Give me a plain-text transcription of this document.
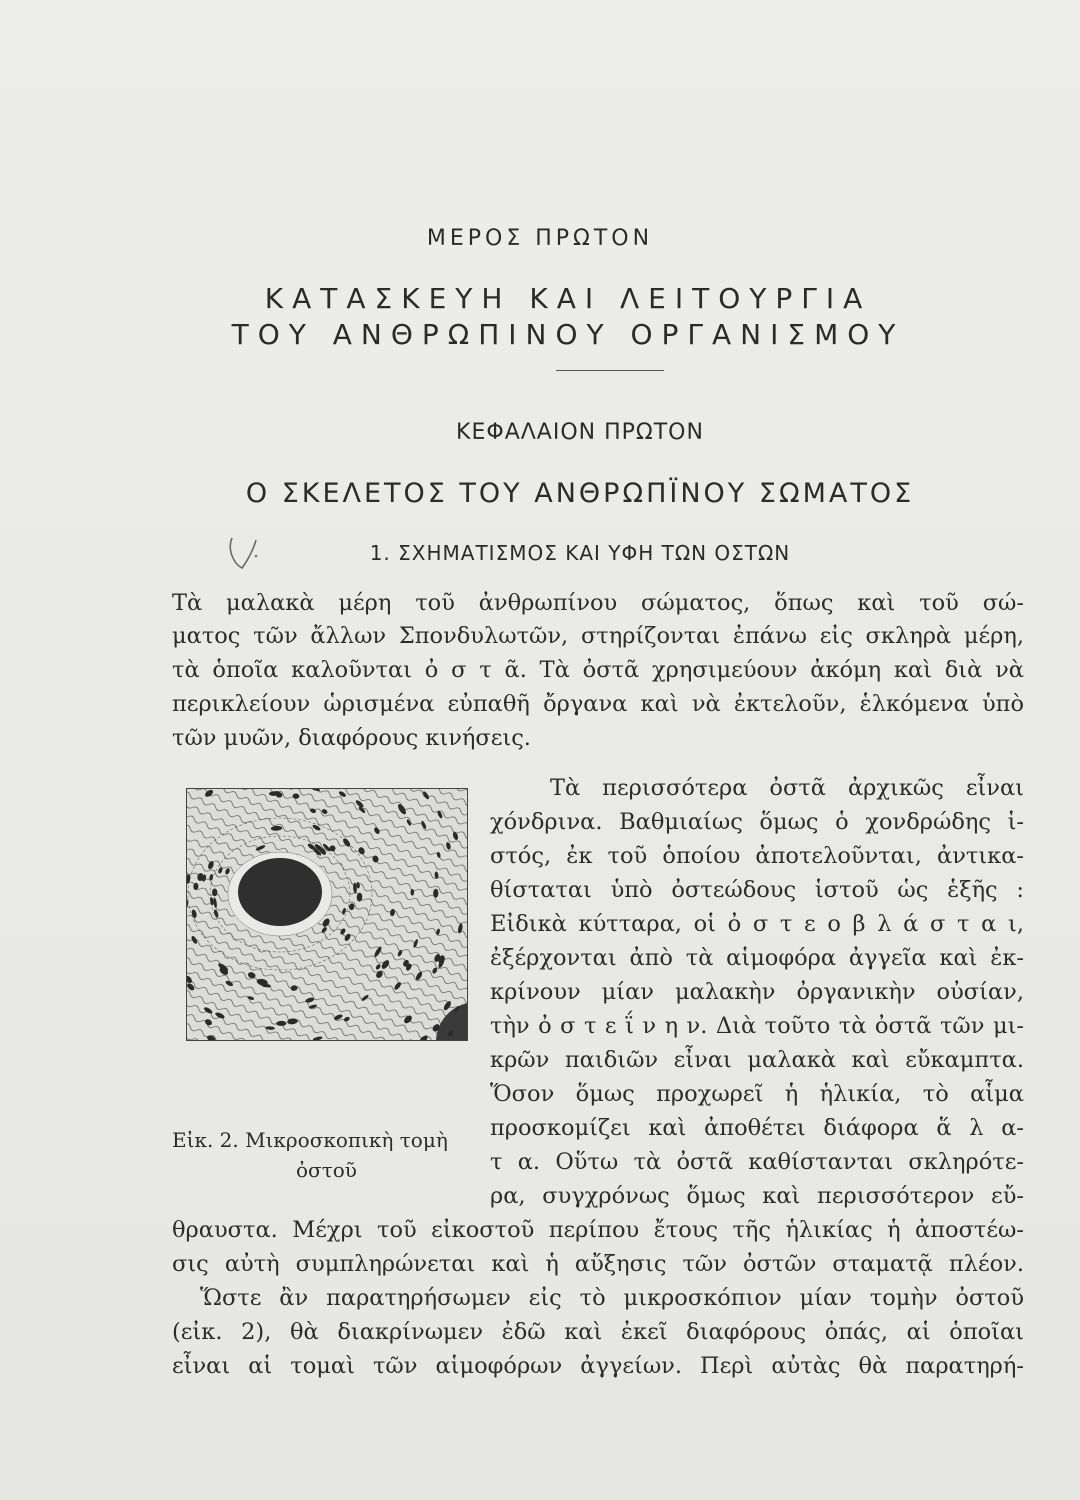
ΜΕΡΟΣ ΠΡΩΤΟΝ
ΚΑΤΑΣΚΕΥΗ ΚΑΙ ΛΕΙΤΟΥΡΓΙΑ
ΤΟΥ ΑΝΘΡΩΠΙΝΟΥ ΟΡΓΑΝΙΣΜΟΥ
ΚΕΦΑΛΑΙΟΝ ΠΡΩΤΟΝ
Ο ΣΚΕΛΕΤΟΣ ΤΟΥ ΑΝΘΡΩΠΪΝΟΥ ΣΩΜΑΤΟΣ
1. ΣΧΗΜΑΤΙΣΜΟΣ ΚΑΙ ΥΦΗ ΤΩΝ ΟΣΤΩΝ
Τὰ μαλακὰ μέρη τοῦ ἀνθρωπίνου σώματος, ὅπως καὶ τοῦ σώ-
ματος τῶν ἄλλων Σπονδυλωτῶν, στηρίζονται ἐπάνω εἰς σκληρὰ μέρη,
τὰ ὁποῖα καλοῦνται ὀ σ τ ᾶ. Τὰ ὀστᾶ χρησιμεύουν ἀκόμη καὶ διὰ νὰ
περικλείουν ὡρισμένα εὐπαθῆ ὄργανα καὶ νὰ ἐκτελοῦν, ἑλκόμενα ὑπὸ
τῶν μυῶν, διαφόρους κινήσεις.
Τὰ περισσότερα ὀστᾶ ἀρχικῶς εἶναι
χόνδρινα. Βαθμιαίως ὅμως ὁ χονδρώδης ἱ-
στός, ἐκ τοῦ ὁποίου ἀποτελοῦνται, ἀντικα-
θίσταται ὑπὸ ὀστεώδους ἱστοῦ ὡς ἑξῆς :
Εἰδικὰ κύτταρα, οἱ ὀ σ τ ε ο β λ ά σ τ α ι,
ἐξέρχονται ἀπὸ τὰ αἱμοφόρα ἀγγεῖα καὶ ἐκ-
κρίνουν μίαν μαλακὴν ὀργανικὴν οὐσίαν,
τὴν ὀ σ τ ε ΐ ν η ν. Διὰ τοῦτο τὰ ὀστᾶ τῶν μι-
κρῶν παιδιῶν εἶναι μαλακὰ καὶ εὔκαμπτα.
Ὅσον ὅμως προχωρεῖ ἡ ἡλικία, τὸ αἷμα
προσκομίζει καὶ ἀποθέτει διάφορα ἅ λ α-
τ α. Οὕτω τὰ ὀστᾶ καθίστανται σκληρότε-
ρα, συγχρόνως ὅμως καὶ περισσότερον εὔ-
θραυστα. Μέχρι τοῦ εἰκοστοῦ περίπου ἔτους τῆς ἡλικίας ἡ ἀποστέω-
σις αὐτὴ συμπληρώνεται καὶ ἡ αὔξησις τῶν ὀστῶν σταματᾷ πλέον.
Ὥστε ἂν παρατηρήσωμεν εἰς τὸ μικροσκόπιον μίαν τομὴν ὀστοῦ
(εἰκ. 2), θὰ διακρίνωμεν ἐδῶ καὶ ἐκεῖ διαφόρους ὀπάς, αἱ ὁποῖαι
εἶναι αἱ τομαὶ τῶν αἱμοφόρων ἀγγείων. Περὶ αὐτὰς θὰ παρατηρή-
Εἰκ. 2. Μικροσκοπικὴ τομὴ
ὀστοῦ
